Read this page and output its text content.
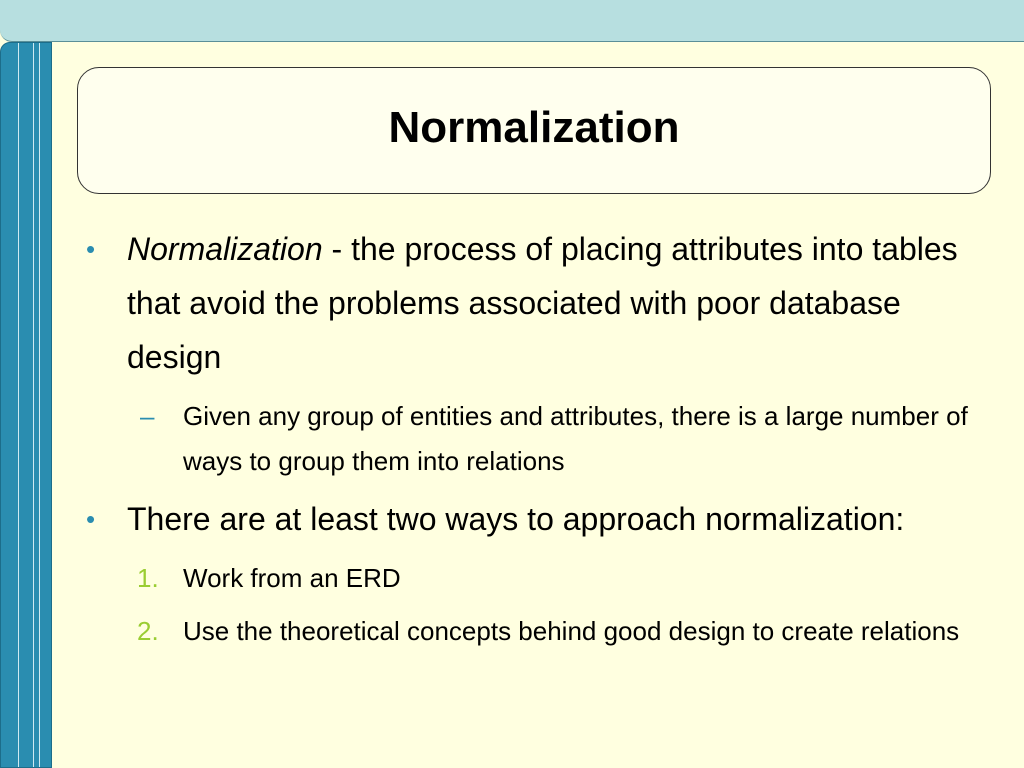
Normalization
• Normalization - the process of placing attributes into tables that avoid the problems associated with poor database design
– Given any group of entities and attributes, there is a large number of ways to group them into relations
• There are at least two ways to approach normalization:
1. Work from an ERD
2. Use the theoretical concepts behind good design to create relations
